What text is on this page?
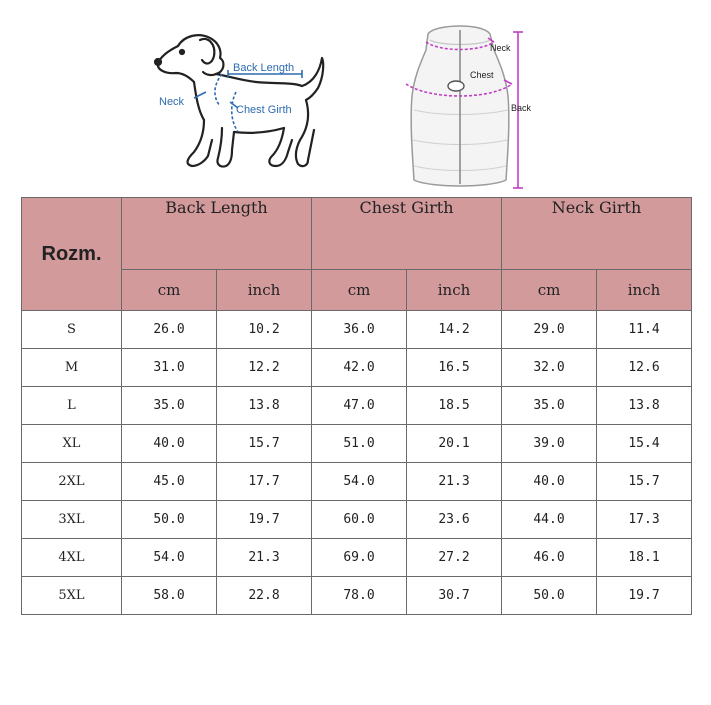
Back Length
Neck
Chest Girth
Neck
Chest
Back
Rozm.	Back Length		Chest Girth		Neck Girth	
	cm	inch	cm	inch	cm	inch
S	26.0	10.2	36.0	14.2	29.0	11.4
M	31.0	12.2	42.0	16.5	32.0	12.6
L	35.0	13.8	47.0	18.5	35.0	13.8
XL	40.0	15.7	51.0	20.1	39.0	15.4
2XL	45.0	17.7	54.0	21.3	40.0	15.7
3XL	50.0	19.7	60.0	23.6	44.0	17.3
4XL	54.0	21.3	69.0	27.2	46.0	18.1
5XL	58.0	22.8	78.0	30.7	50.0	19.7
